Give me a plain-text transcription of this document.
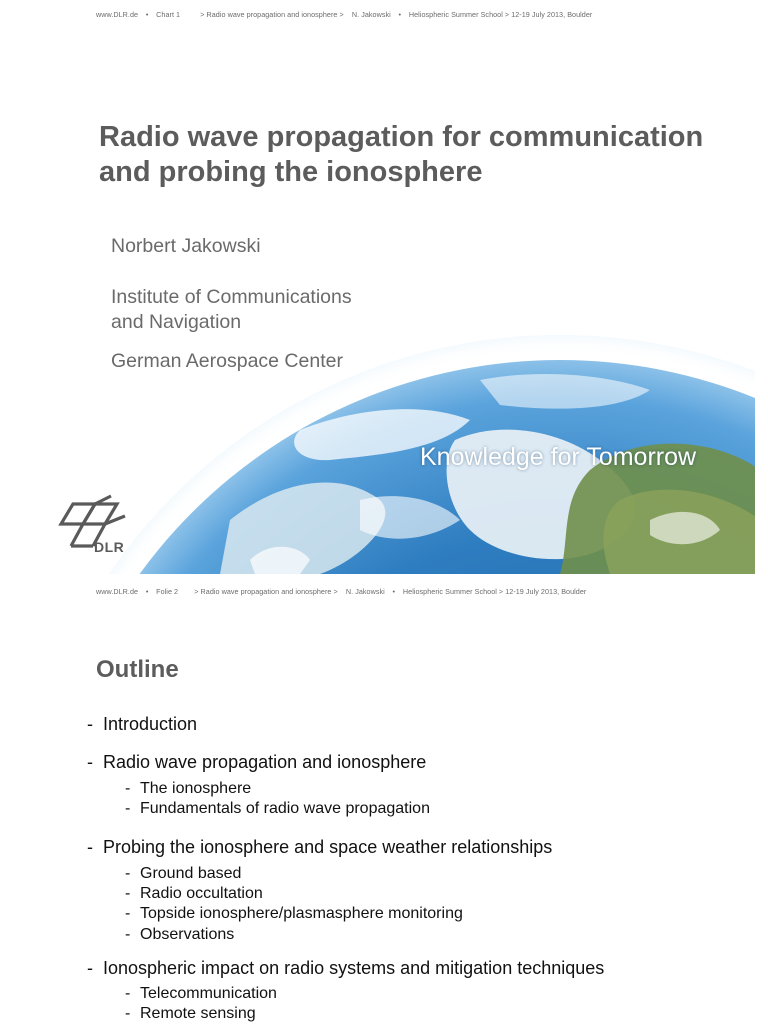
www.DLR.de • Chart 1	> Radio wave propagation and ionosphere > N. Jakowski • Heliospheric Summer School > 12-19 July 2013, Boulder
Radio wave propagation for communication
and probing the ionosphere

Norbert Jakowski

Institute of Communications
and Navigation

German Aerospace Center

Knowledge for Tomorrow
DLR
www.DLR.de • Folie 2 > Radio wave propagation and ionosphere > N. Jakowski • Heliospheric Summer School > 12-19 July 2013, Boulder
Outline
- Introduction
- Radio wave propagation and ionosphere
- The ionosphere
- Fundamentals of radio wave propagation
- Probing the ionosphere and space weather relationships
- Ground based
- Radio occultation
- Topside ionosphere/plasmasphere monitoring
- Observations
- Ionospheric impact on radio systems and mitigation techniques
- Telecommunication
- Remote sensing
